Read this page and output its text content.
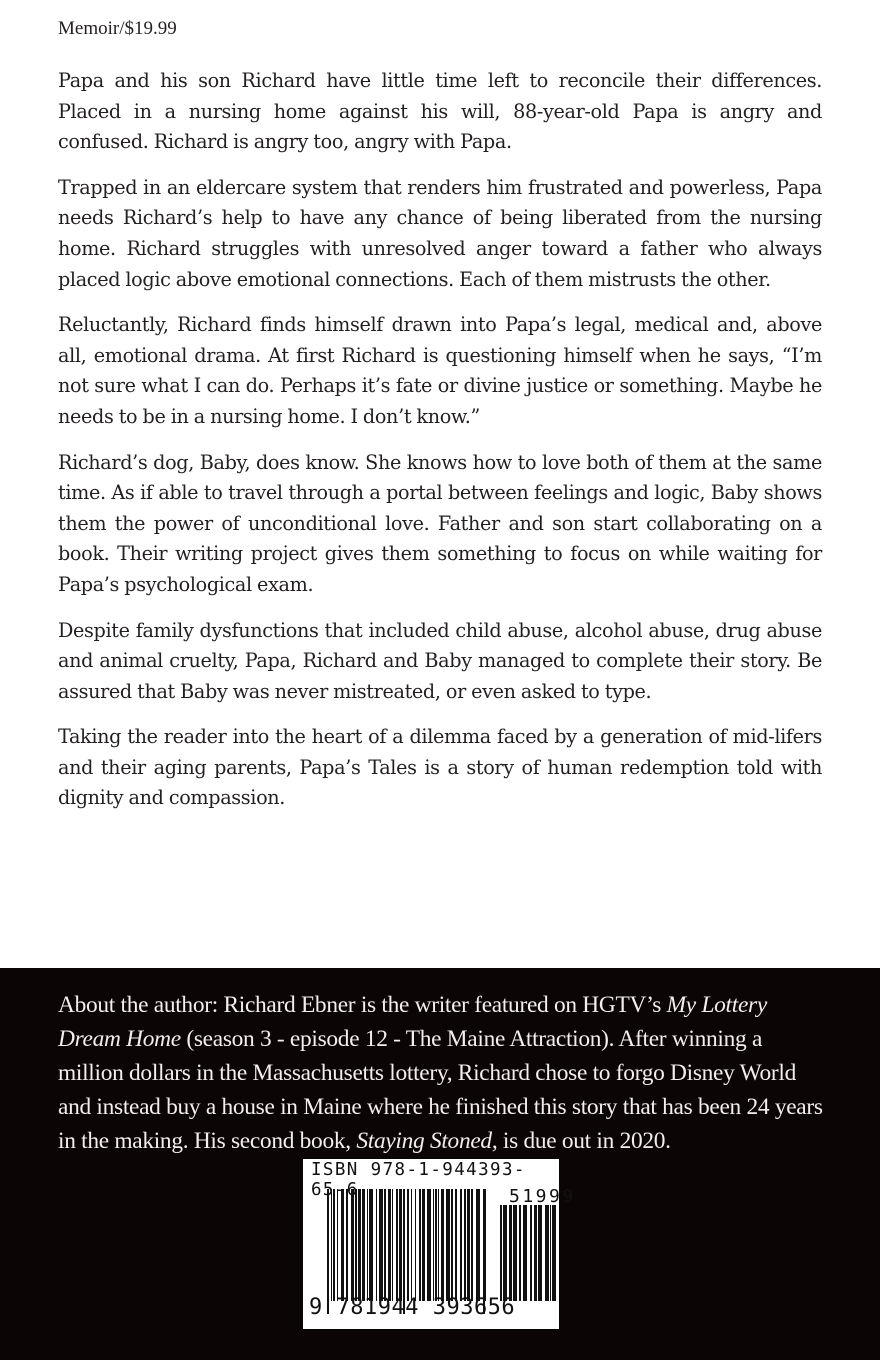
Memoir/$19.99

Papa and his son Richard have little time left to reconcile their differences. Placed in a nursing home against his will, 88-year-old Papa is angry and confused. Richard is angry too, angry with Papa.

Trapped in an eldercare system that renders him frustrated and powerless, Papa needs Richard’s help to have any chance of being liberated from the nursing home. Richard struggles with unresolved anger toward a father who always placed logic above emotional connections. Each of them mistrusts the other.

Reluctantly, Richard finds himself drawn into Papa’s legal, medical and, above all, emotional drama. At first Richard is questioning himself when he says, “I’m not sure what I can do. Perhaps it’s fate or divine justice or something. Maybe he needs to be in a nursing home. I don’t know.”

Richard’s dog, Baby, does know. She knows how to love both of them at the same time. As if able to travel through a portal between feelings and logic, Baby shows them the power of unconditional love. Father and son start collaborating on a book. Their writing project gives them something to focus on while waiting for Papa’s psychological exam.

Despite family dysfunctions that included child abuse, alcohol abuse, drug abuse and animal cruelty, Papa, Richard and Baby managed to complete their story. Be assured that Baby was never mistreated, or even asked to type.

Taking the reader into the heart of a dilemma faced by a generation of mid-lifers and their aging parents, Papa’s Tales is a story of human redemption told with dignity and compassion.

About the author: Richard Ebner is the writer featured on HGTV’s My Lottery Dream Home (season 3 - episode 12 - The Maine Attraction). After winning a million dollars in the Massachusetts lottery, Richard chose to forgo Disney World and instead buy a house in Maine where he finished this story that has been 24 years in the making. His second book, Staying Stoned, is due out in 2020.
ISBN 978-1-944393-65-6	51999
9 781944 393656
